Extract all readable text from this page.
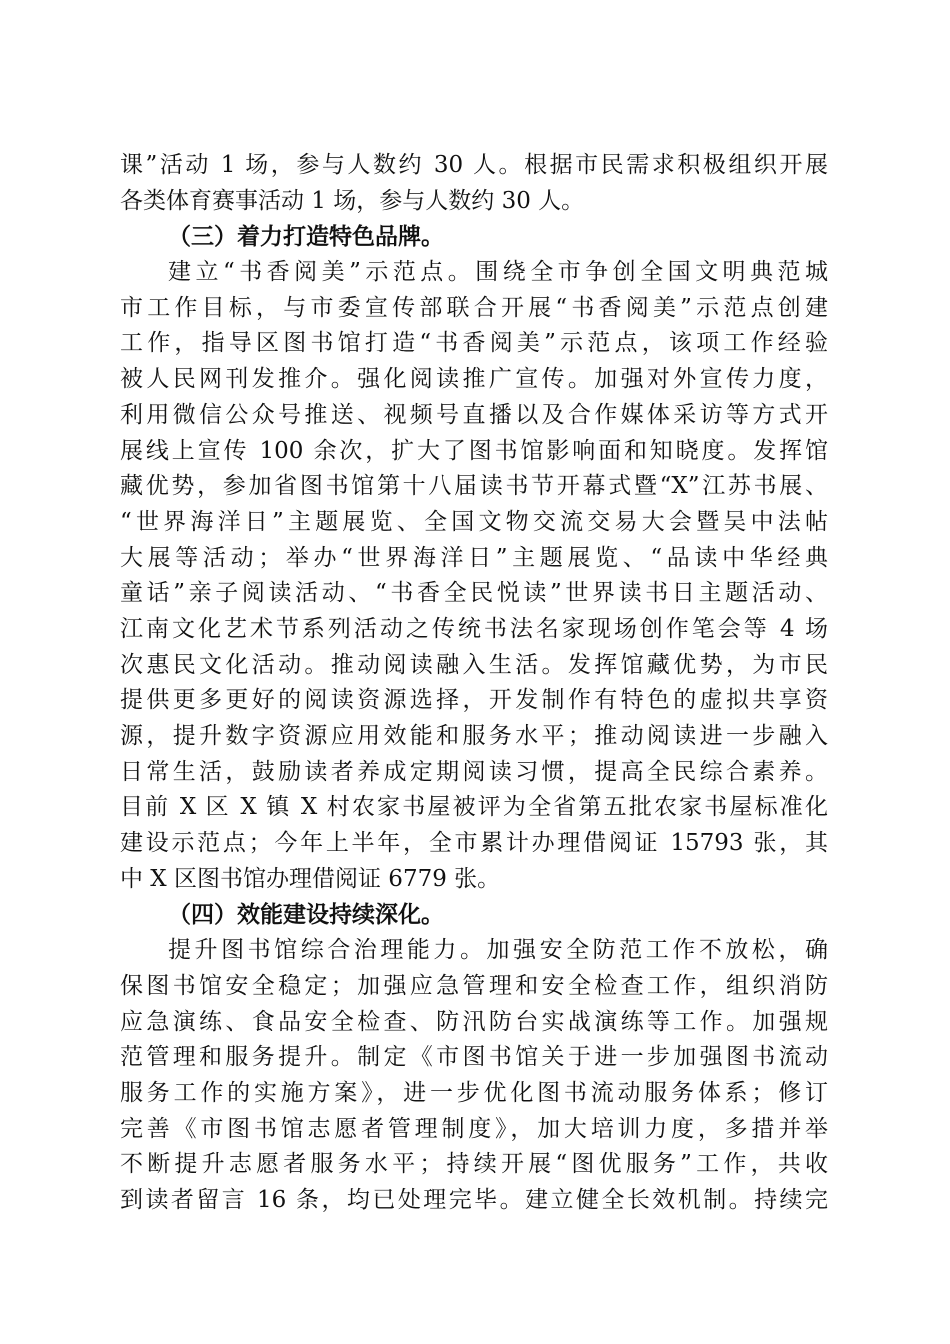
课”活动 1 场，参与人数约 30 人。根据市民需求积极组织开展
各类体育赛事活动 1 场，参与人数约 30 人。
（三）着力打造特色品牌。
建立“书香阅美”示范点。围绕全市争创全国文明典范城
市工作目标，与市委宣传部联合开展“书香阅美”示范点创建
工作，指导区图书馆打造“书香阅美”示范点，该项工作经验
被人民网刊发推介。强化阅读推广宣传。加强对外宣传力度，
利用微信公众号推送、视频号直播以及合作媒体采访等方式开
展线上宣传 100 余次，扩大了图书馆影响面和知晓度。发挥馆
藏优势，参加省图书馆第十八届读书节开幕式暨“X”江苏书展、
“世界海洋日”主题展览、全国文物交流交易大会暨吴中法帖
大展等活动；举办“世界海洋日”主题展览、“品读中华经典
童话”亲子阅读活动、“书香全民悦读”世界读书日主题活动、
江南文化艺术节系列活动之传统书法名家现场创作笔会等 4 场
次惠民文化活动。推动阅读融入生活。发挥馆藏优势，为市民
提供更多更好的阅读资源选择，开发制作有特色的虚拟共享资
源，提升数字资源应用效能和服务水平；推动阅读进一步融入
日常生活，鼓励读者养成定期阅读习惯，提高全民综合素养。
目前 X 区 X 镇 X 村农家书屋被评为全省第五批农家书屋标准化
建设示范点；今年上半年，全市累计办理借阅证 15793 张，其
中 X 区图书馆办理借阅证 6779 张。
（四）效能建设持续深化。
提升图书馆综合治理能力。加强安全防范工作不放松，确
保图书馆安全稳定；加强应急管理和安全检查工作，组织消防
应急演练、食品安全检查、防汛防台实战演练等工作。加强规
范管理和服务提升。制定《市图书馆关于进一步加强图书流动
服务工作的实施方案》，进一步优化图书流动服务体系；修订
完善《市图书馆志愿者管理制度》，加大培训力度，多措并举
不断提升志愿者服务水平；持续开展“图优服务”工作，共收
到读者留言 16 条，均已处理完毕。建立健全长效机制。持续完
